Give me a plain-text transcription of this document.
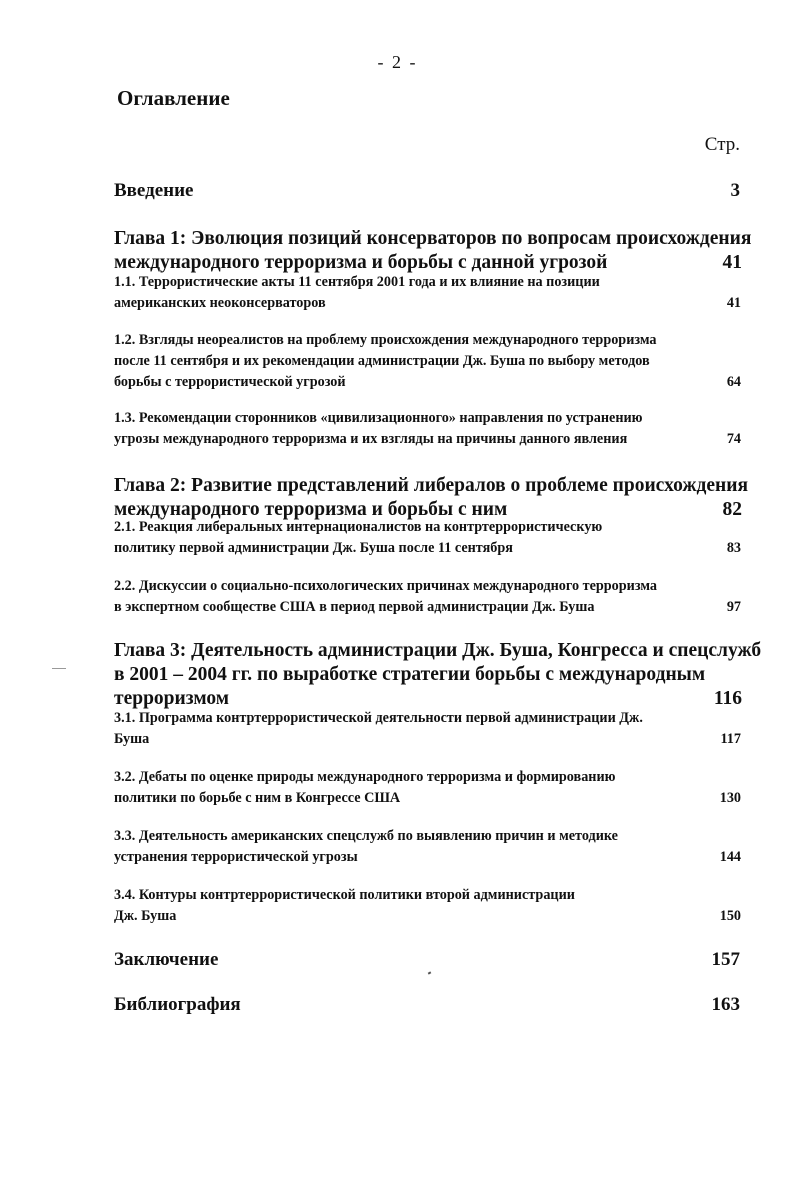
- 2 -
Оглавление
Стр.
Введение	3
Глава 1: Эволюция позиций консерваторов по вопросам происхождения
международного терроризма и борьбы с данной угрозой	41
1.1. Террористические акты 11 сентября 2001 года и их влияние на позиции
американских неоконсерваторов	41
1.2. Взгляды неореалистов на проблему происхождения международного терроризма
после 11 сентября и их рекомендации администрации Дж. Буша по выбору методов
борьбы с террористической угрозой	64
1.3. Рекомендации сторонников «цивилизационного» направления по устранению
угрозы международного терроризма и их взгляды на причины данного явления	74
Глава 2: Развитие представлений либералов о проблеме происхождения
международного терроризма и борьбы с ним	82
2.1. Реакция либеральных интернационалистов на контртеррористическую
политику первой администрации Дж. Буша после 11 сентября	83
2.2. Дискуссии о социально-психологических причинах международного терроризма
в экспертном сообществе США в период первой администрации Дж. Буша	97
Глава 3: Деятельность администрации Дж. Буша, Конгресса и спецслужб
в 2001 – 2004 гг. по выработке стратегии борьбы с международным
терроризмом	116
3.1. Программа контртеррористической деятельности первой администрации Дж.
Буша	117
3.2. Дебаты по оценке природы международного терроризма и формированию
политики по борьбе с ним в Конгрессе США	130
3.3. Деятельность американских спецслужб по выявлению причин и методике
устранения террористической угрозы	144
3.4. Контуры контртеррористической политики второй администрации
Дж. Буша	150
Заключение	157
Библиография	163
